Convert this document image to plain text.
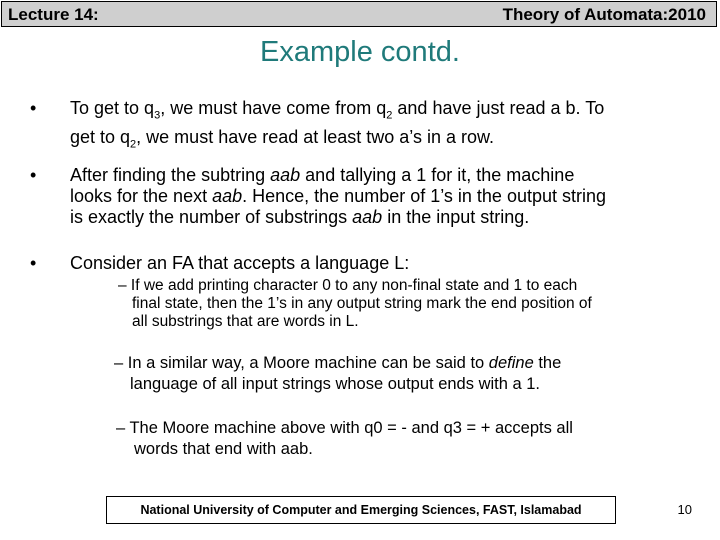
Lecture 14:	Theory of Automata:2010
Example contd.
• To get to $q_3$, we must have come from $q_2$ and have just read a b. To
get to $q_2$, we must have read at least two a’s in a row.
• After finding the subtring aab and tallying a 1 for it, the machine
looks for the next aab. Hence, the number of 1’s in the output string
is exactly the number of substrings aab in the input string.
• Consider an FA that accepts a language L:
– If we add printing character 0 to any non-final state and 1 to each
final state, then the 1’s in any output string mark the end position of
all substrings that are words in L.
– In a similar way, a Moore machine can be said to define the
language of all input strings whose output ends with a 1.
– The Moore machine above with q0 = - and q3 = + accepts all
words that end with aab.
National University of Computer and Emerging Sciences, FAST, Islamabad	10
